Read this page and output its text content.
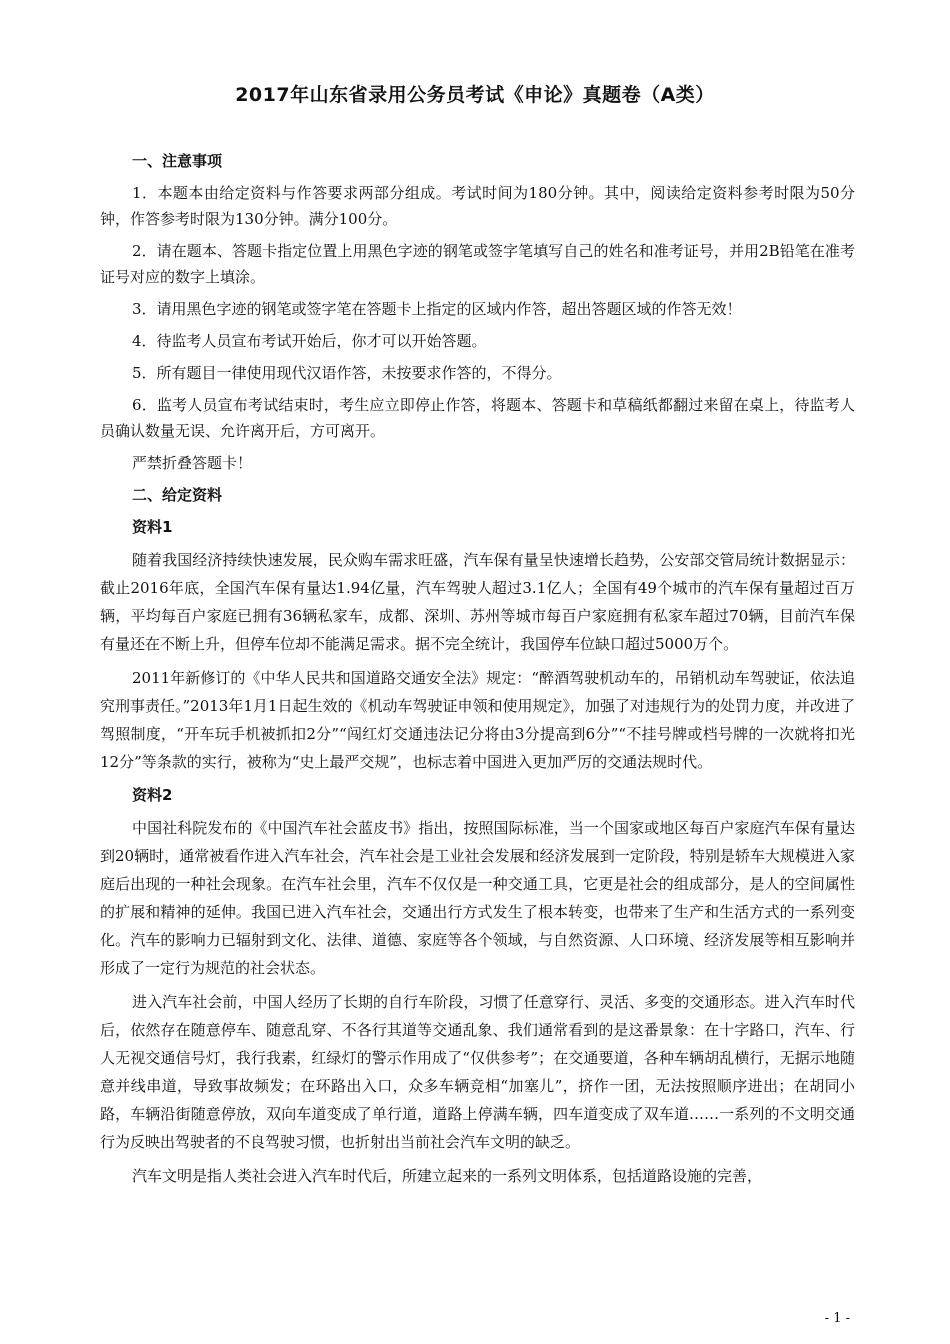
2017年山东省录用公务员考试《申论》真题卷（A类）

一、注意事项

1．本题本由给定资料与作答要求两部分组成。考试时间为180分钟。其中，阅读给定资料参考时限为50分钟，作答参考时限为130分钟。满分100分。

2．请在题本、答题卡指定位置上用黑色字迹的钢笔或签字笔填写自己的姓名和准考证号，并用2B铅笔在准考证号对应的数字上填涂。

3．请用黑色字迹的钢笔或签字笔在答题卡上指定的区域内作答，超出答题区域的作答无效！

4．待监考人员宣布考试开始后，你才可以开始答题。

5．所有题目一律使用现代汉语作答，未按要求作答的，不得分。

6．监考人员宣布考试结束时，考生应立即停止作答，将题本、答题卡和草稿纸都翻过来留在桌上，待监考人员确认数量无误、允许离开后，方可离开。

严禁折叠答题卡！

二、给定资料

资料1

随着我国经济持续快速发展，民众购车需求旺盛，汽车保有量呈快速增长趋势，公安部交管局统计数据显示：截止2016年底，全国汽车保有量达1.94亿量，汽车驾驶人超过3.1亿人；全国有49个城市的汽车保有量超过百万辆，平均每百户家庭已拥有36辆私家车，成都、深圳、苏州等城市每百户家庭拥有私家车超过70辆，目前汽车保有量还在不断上升，但停车位却不能满足需求。据不完全统计，我国停车位缺口超过5000万个。

2011年新修订的《中华人民共和国道路交通安全法》规定：“醉酒驾驶机动车的，吊销机动车驾驶证，依法追究刑事责任。”2013年1月1日起生效的《机动车驾驶证申领和使用规定》，加强了对违规行为的处罚力度，并改进了驾照制度，“开车玩手机被抓扣2分”“闯红灯交通违法记分将由3分提高到6分”“不挂号牌或档号牌的一次就将扣光12分”等条款的实行，被称为“史上最严交规”，也标志着中国进入更加严厉的交通法规时代。

资料2

中国社科院发布的《中国汽车社会蓝皮书》指出，按照国际标准，当一个国家或地区每百户家庭汽车保有量达到20辆时，通常被看作进入汽车社会，汽车社会是工业社会发展和经济发展到一定阶段，特别是轿车大规模进入家庭后出现的一种社会现象。在汽车社会里，汽车不仅仅是一种交通工具，它更是社会的组成部分，是人的空间属性的扩展和精神的延伸。我国已进入汽车社会，交通出行方式发生了根本转变，也带来了生产和生活方式的一系列变化。汽车的影响力已辐射到文化、法律、道德、家庭等各个领域，与自然资源、人口环境、经济发展等相互影响并形成了一定行为规范的社会状态。

进入汽车社会前，中国人经历了长期的自行车阶段，习惯了任意穿行、灵活、多变的交通形态。进入汽车时代后，依然存在随意停车、随意乱穿、不各行其道等交通乱象、我们通常看到的是这番景象：在十字路口，汽车、行人无视交通信号灯，我行我素，红绿灯的警示作用成了“仅供参考”；在交通要道，各种车辆胡乱横行，无据示地随意并线串道，导致事故频发；在环路出入口，众多车辆竞相“加塞儿”，挤作一团，无法按照顺序进出；在胡同小路，车辆沿街随意停放，双向车道变成了单行道，道路上停满车辆，四车道变成了双车道……一系列的不文明交通行为反映出驾驶者的不良驾驶习惯，也折射出当前社会汽车文明的缺乏。

汽车文明是指人类社会进入汽车时代后，所建立起来的一系列文明体系，包括道路设施的完善，

- 1 -
